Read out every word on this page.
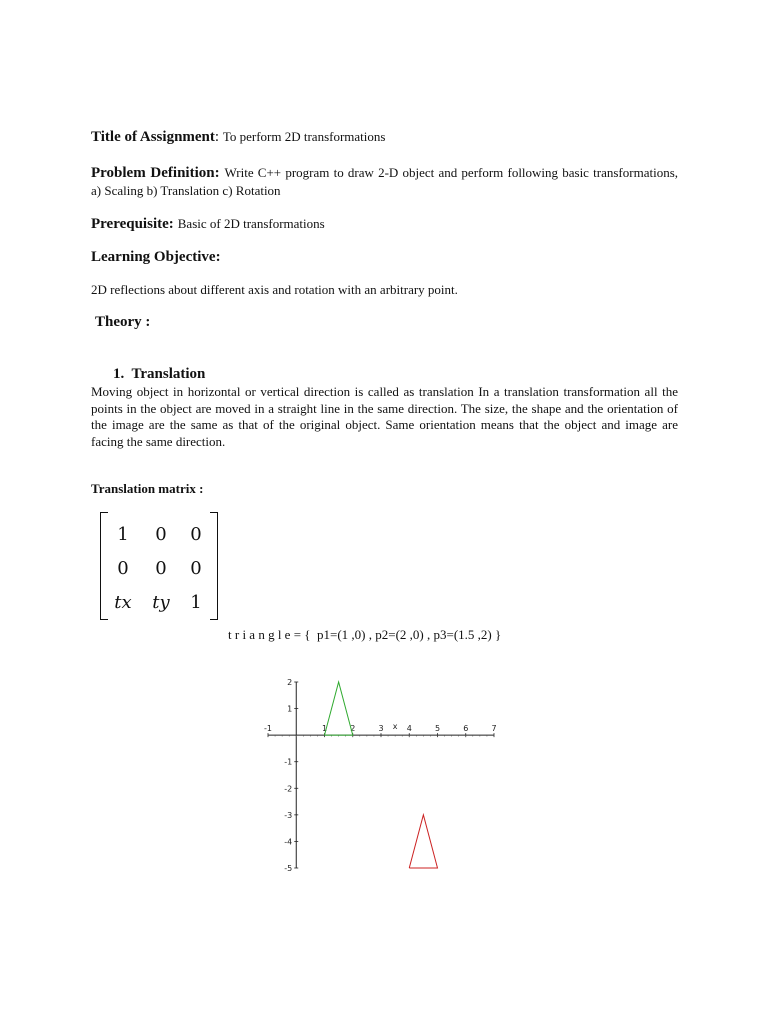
Title of Assignment: To perform 2D transformations
Problem Definition: Write C++ program to draw 2-D object and perform following basic transformations, a) Scaling b) Translation c) Rotation
Prerequisite: Basic of 2D transformations
Learning Objective:
2D reflections about different axis and rotation with an arbitrary point.
Theory :
1. Translation
Moving object in horizontal or vertical direction is called as translation In a translation transformation all the points in the object are moved in a straight line in the same direction. The size, the shape and the orientation of the image are the same as that of the original object. Same orientation means that the object and image are facing the same direction.
Translation matrix :
1	0	0
0	0	0
tx ty	1
t r i a n g l e = {  p1=(1 ,0) , p2=(2 ,0) , p3=(1.5 ,2) }
-1	1	2	3	4	5	6	7
2
1
-1
-2
-3
-4
-5
x
